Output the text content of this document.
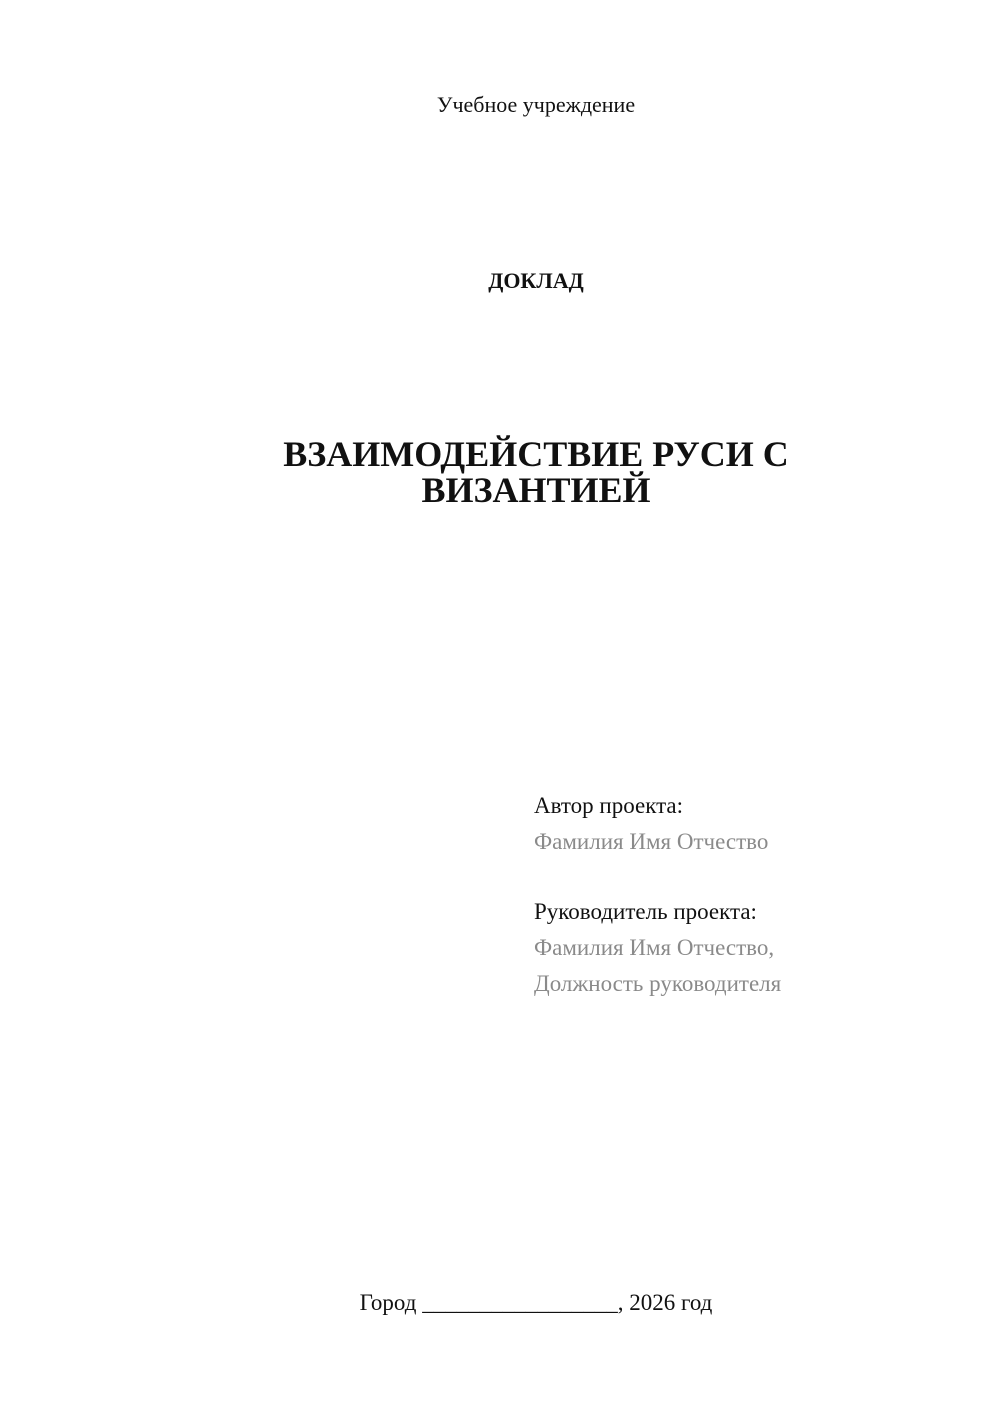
Учебное учреждение
ДОКЛАД
ВЗАИМОДЕЙСТВИЕ РУСИ С
ВИЗАНТИЕЙ
Автор проекта:
Фамилия Имя Отчество
Руководитель проекта:
Фамилия Имя Отчество,
Должность руководителя
Город _________________, 2026 год
